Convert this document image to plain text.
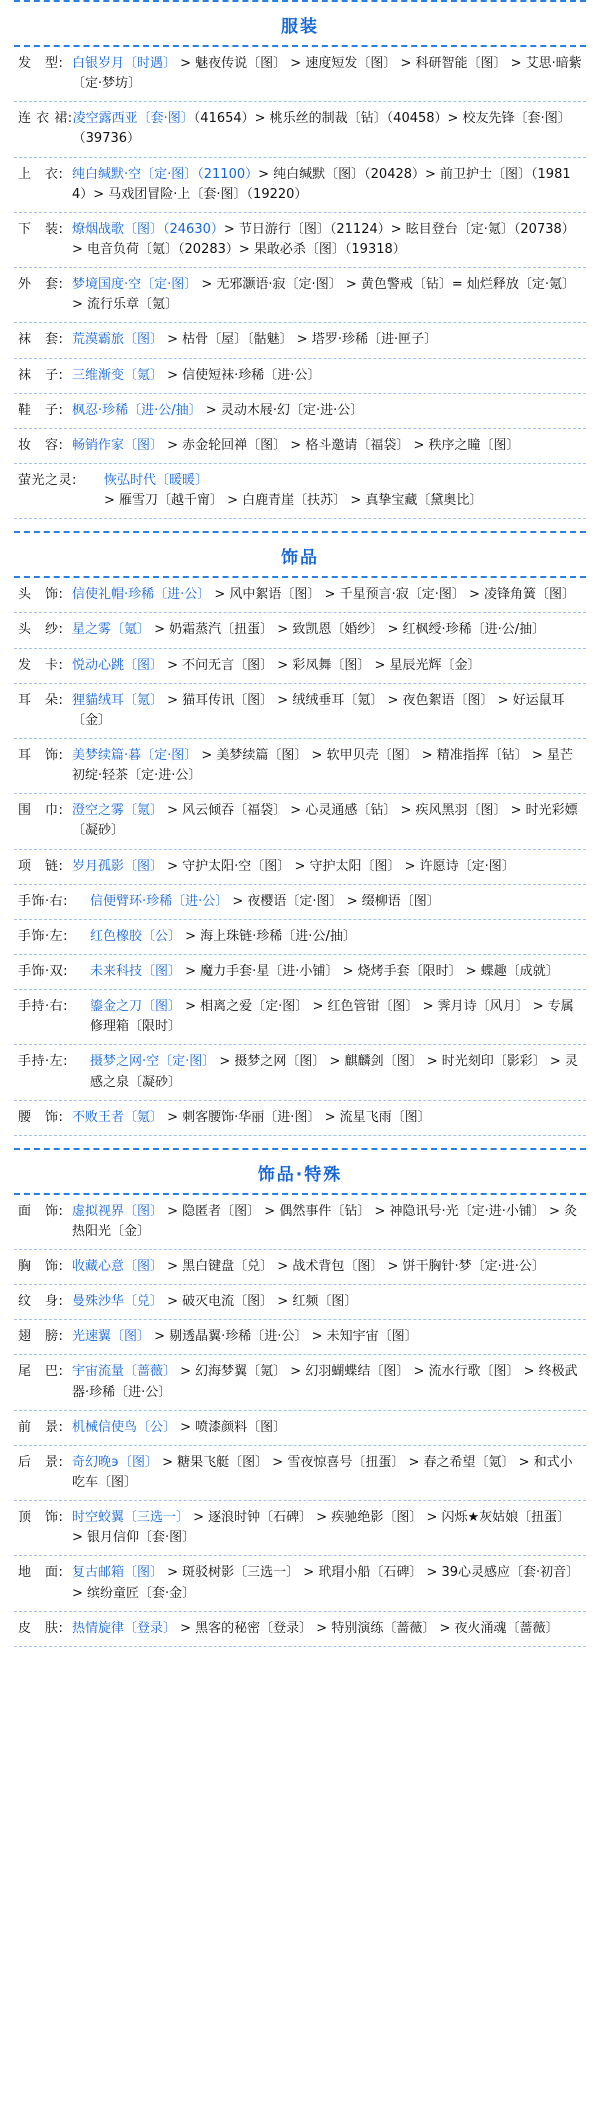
服装
发　型: 白银岁月〔时遇〕 > 魅夜传说〔图〕 > 速度短发〔图〕 > 科研智能〔图〕 > 艾思·暗紫〔定·梦坊〕
连 衣 裙: 凌空露西亚〔套·图〕（41654）> 桃乐丝的制裁〔钻〕（40458）> 校友先锋〔套·图〕（39736）
上　衣: 纯白缄默·空〔定·图〕（21100）> 纯白缄默〔图〕（20428）> 前卫护士〔图〕（19814）> 马戏团冒险·上〔套·图〕（19220）
下　装: 燎烟战歌〔图〕（24630）> 节日游行〔图〕（21124）> 眩目登台〔定·氪〕（20738）> 电音负荷〔氪〕（20283）> 果敢必杀〔图〕（19318）
外　套: 梦境国度·空〔定·图〕 > 无邪灏语·寂〔定·图〕 > 黄色警戒〔钻〕= 灿烂释放〔定·氪〕 > 流行乐章〔氪〕
袜　套: 荒漠霸旅〔图〕 > 枯骨〔屋〕〔骷魅〕 > 塔罗·珍稀〔进·匣子〕
袜　子: 三维渐变〔氪〕 > 信使短袜·珍稀〔进·公〕
鞋　子: 枫忍·珍稀〔进·公/抽〕 > 灵动木屐·幻〔定·进·公〕
妆　容: 畅销作家〔图〕 > 赤金轮回禅〔图〕 > 格斗邀请〔福袋〕 > 秩序之瞳〔图〕
萤光之灵:	恢弘时代〔暖暖〕 > 雁雪刀〔越千甯〕 > 白鹿青崖〔扶苏〕 > 真挚宝藏〔黛奥比〕
饰品
头　饰: 信使礼帽·珍稀〔进·公〕 > 风中絮语〔图〕 > 千星预言·寂〔定·图〕 > 凌锋角簧〔图〕
头　纱: 星之雾〔氪〕 > 奶霜蒸汽〔扭蛋〕 > 致凯恩〔婚纱〕 > 红枫绶·珍稀〔进·公/抽〕
发　卡: 悦动心跳〔图〕 > 不问无言〔图〕 > 彩凤舞〔图〕 > 星辰光辉〔金〕
耳　朵: 狸貓绒耳〔氪〕 > 猫耳传讯〔图〕 > 绒绒垂耳〔氪〕 > 夜色絮语〔图〕 > 好运鼠耳〔金〕
耳　饰: 美梦续篇·暮〔定·图〕 > 美梦续篇〔图〕 > 软甲贝壳〔图〕 > 精准指挥〔钻〕 > 星芒初绽·轻茶〔定·进·公〕
围　巾: 澄空之雾〔氪〕 > 风云倾吞〔福袋〕 > 心灵通感〔钻〕 > 疾风黑羽〔图〕 > 时光彩嫖〔凝砂〕
项　链: 岁月孤影〔图〕 > 守护太阳·空〔图〕 > 守护太阳〔图〕 > 许愿诗〔定·图〕
手饰·右:	信便臂环·珍稀〔进·公〕 > 夜樱语〔定·图〕 > 缀柳语〔图〕
手饰·左:	红色橡胶〔公〕 > 海上珠链·珍稀〔进·公/抽〕
手饰·双:	未来科技〔图〕 > 魔力手套·星〔进·小铺〕 > 烧烤手套〔限时〕 > 蝶趣〔成就〕
手持·右:	鎏金之刀〔图〕 > 相离之爱〔定·图〕 > 红色管钳〔图〕 > 霁月诗〔风月〕 > 专属修理箱〔限时〕
手持·左:	摄梦之网·空〔定·图〕 > 摄梦之网〔图〕 > 麒麟剑〔图〕 > 时光刻印〔影彩〕 > 灵感之泉〔凝砂〕
腰　饰: 不败王者〔氪〕 > 刺客腰饰·华丽〔进·图〕 > 流星飞雨〔图〕
饰品·特殊
面　饰: 虚拟视界〔图〕 > 隐匿者〔图〕 > 偶然事件〔钻〕 > 神隐讯号·光〔定·进·小铺〕 > 灸热阳光〔金〕
胸　饰: 收藏心意〔图〕 > 黑白键盘〔兑〕 > 战术背包〔图〕 > 饼干胸针·梦〔定·进·公〕
纹　身: 曼殊沙华〔兑〕 > 破灭电流〔图〕 > 红频〔图〕
翅　膀: 光速翼〔图〕 > 剔透晶翼·珍稀〔进·公〕 > 未知宇宙〔图〕
尾　巴: 宇宙流量〔蔷薇〕 > 幻海梦翼〔氪〕 > 幻羽蝴蝶结〔图〕 > 流水行歌〔图〕 > 终极武器·珍稀〔进·公〕
前　景: 机械信使鸟〔公〕 > 喷漆颜料〔图〕
后　景: 奇幻晚϶〔图〕 > 糖果飞艇〔图〕 > 雪夜惊喜号〔扭蛋〕 > 春之希望〔氪〕 > 和式小吃车〔图〕
顶　饰: 时空蛟翼〔三选一〕 > 逐浪时钟〔石碑〕 > 疾驰绝影〔图〕 > 闪烁★灰姑娘〔扭蛋〕 > 银月信仰〔套·图〕
地　面: 复古邮箱〔图〕 > 斑驳树影〔三选一〕 > 玳瑁小船〔石碑〕 > 39心灵感应〔套·初音〕 > 缤纷童匠〔套·金〕
皮　肤: 热情旋律〔登录〕 > 黑客的秘密〔登录〕 > 特别演练〔蔷薇〕 > 夜火涌魂〔蔷薇〕
